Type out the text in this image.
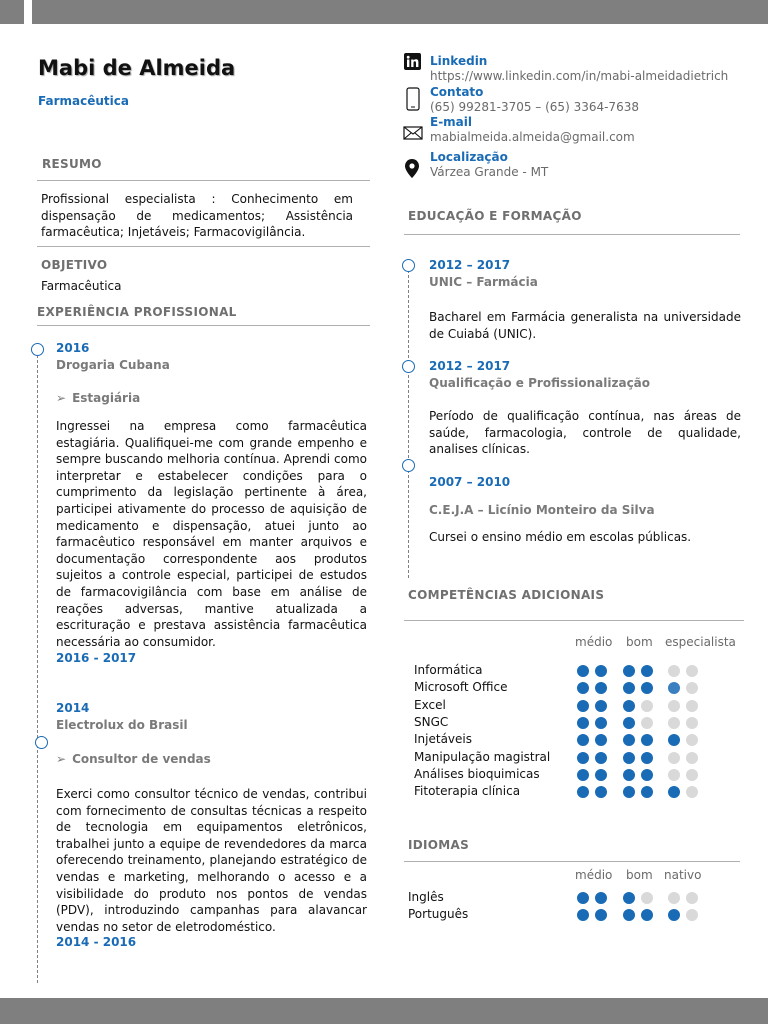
Mabi de Almeida
Farmacêutica
Linkedin
https://www.linkedin.com/in/mabi-almeidadietrich
Contato
(65) 99281-3705 – (65) 3364-7638
E-mail
mabialmeida.almeida@gmail.com
Localização
Várzea Grande - MT
RESUMO
Profissional especialista : Conhecimento em dispensação de medicamentos; Assistência farmacêutica; Injetáveis; Farmacovigilância.
OBJETIVO
Farmacêutica
EXPERIÊNCIA PROFISSIONAL
2016
Drogaria Cubana
➢ Estagiária
Ingressei na empresa como farmacêutica estagiária. Qualifiquei-me com grande empenho e sempre buscando melhoria contínua. Aprendi como interpretar e estabelecer condições para o cumprimento da legislação pertinente à área, participei ativamente do processo de aquisição de medicamento e dispensação, atuei junto ao farmacêutico responsável em manter arquivos e documentação correspondente aos produtos sujeitos a controle especial, participei de estudos de farmacovigilância com base em análise de reações adversas, mantive atualizada a escrituração e prestava assistência farmacêutica necessária ao consumidor.
2016 - 2017
2014
Electrolux do Brasil
➢ Consultor de vendas
Exerci como consultor técnico de vendas, contribui com fornecimento de consultas técnicas a respeito de tecnologia em equipamentos eletrônicos, trabalhei junto a equipe de revendedores da marca oferecendo treinamento, planejando estratégico de vendas e marketing, melhorando o acesso e a visibilidade do produto nos pontos de vendas (PDV), introduzindo campanhas para alavancar vendas no setor de eletrodoméstico.
2014 - 2016
EDUCAÇÃO E FORMAÇÃO
2012 – 2017
UNIC – Farmácia
Bacharel em Farmácia generalista na universidade de Cuiabá (UNIC).
2012 – 2017
Qualificação e Profissionalização
Período de qualificação contínua, nas áreas de saúde, farmacologia, controle de qualidade, analises clínicas.
2007 – 2010
C.E.J.A – Licínio Monteiro da Silva
Cursei o ensino médio em escolas públicas.
COMPETÊNCIAS ADICIONAIS
médio bom especialista
Informática
Microsoft Office
Excel
SNGC
Injetáveis
Manipulação magistral
Análises bioquimicas
Fitoterapia clínica
IDIOMAS
médio bom nativo
Inglês
Português
